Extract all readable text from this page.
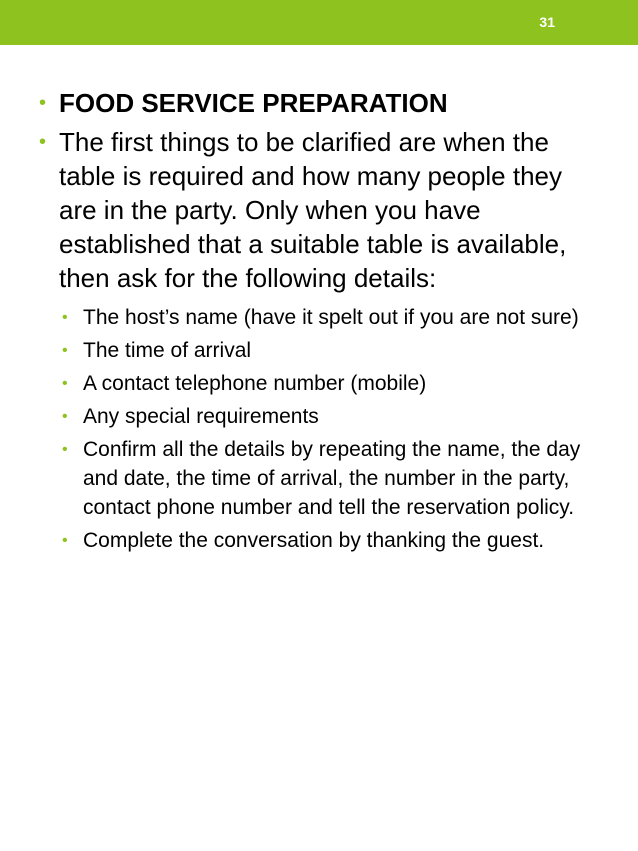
31
• FOOD SERVICE PREPARATION
• The first things to be clarified are when the table is required and how many people they are in the party. Only when you have established that a suitable table is available, then ask for the following details:
• The host’s name (have it spelt out if you are not sure)
• The time of arrival
• A contact telephone number (mobile)
• Any special requirements
• Confirm all the details by repeating the name, the day and date, the time of arrival, the number in the party, contact phone number and tell the reservation policy.
• Complete the conversation by thanking the guest.
